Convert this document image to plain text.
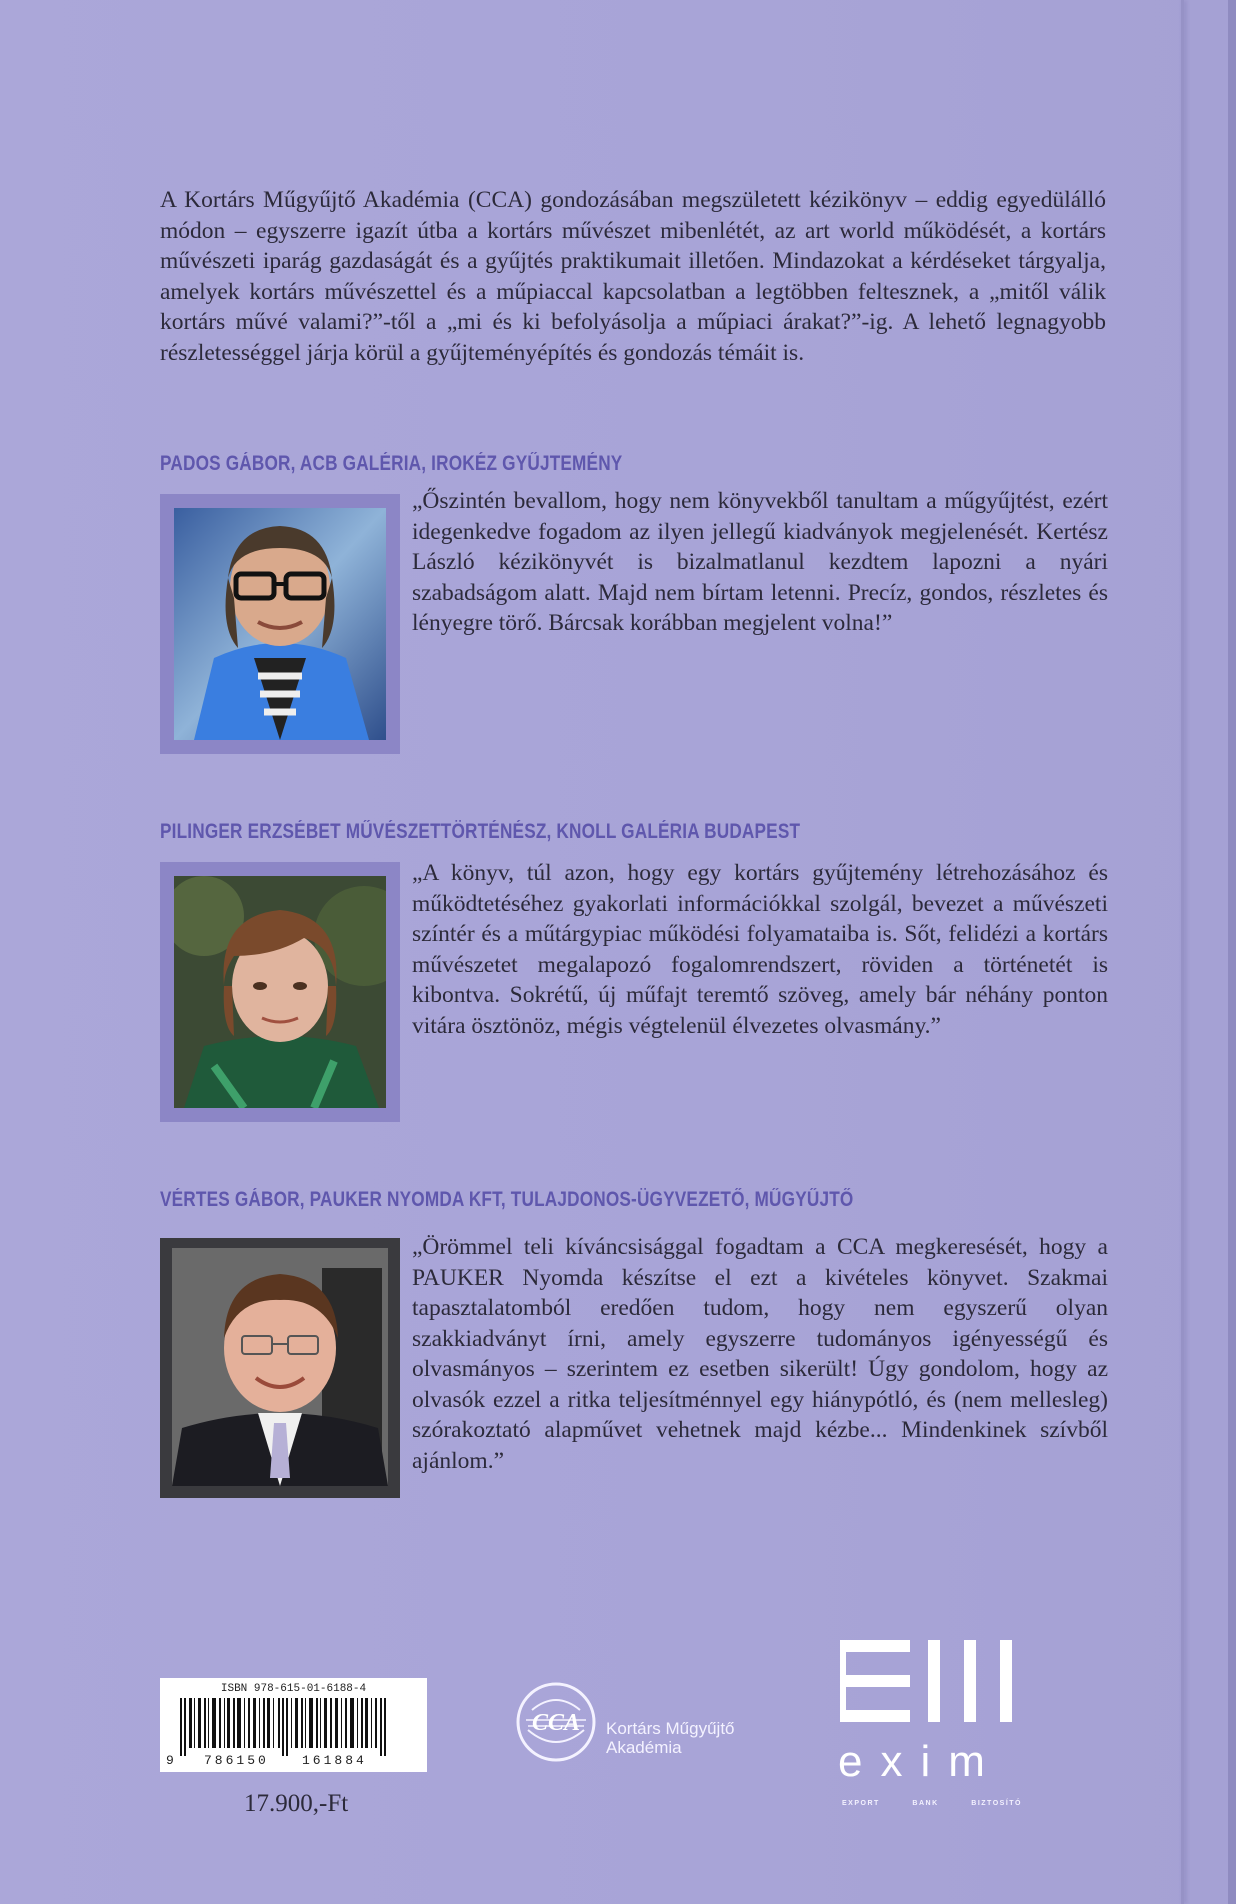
A Kortárs Műgyűjtő Akadémia (CCA) gondozásában megszületett kézikönyv – eddig egyedülálló módon – egyszerre igazít útba a kortárs művészet mibenlétét, az art world működését, a kortárs művészeti iparág gazdaságát és a gyűjtés praktikumait illetően. Mindazokat a kérdéseket tárgyalja, amelyek kortárs művészettel és a műpiaccal kapcsolatban a legtöbben feltesznek, a „mitől válik kortárs művé valami?”-től a „mi és ki befolyásolja a műpiaci árakat?”-ig. A lehető legnagyobb részletességgel járja körül a gyűjteményépítés és gondozás témáit is.

PADOS GÁBOR, ACB GALÉRIA, IROKÉZ GYŰJTEMÉNY

„Őszintén bevallom, hogy nem könyvekből tanultam a műgyűjtést, ezért idegenkedve fogadom az ilyen jellegű kiadványok megjelenését. Kertész László kézikönyvét is bizalmatlanul kezdtem lapozni a nyári szabadságom alatt. Majd nem bírtam letenni. Precíz, gondos, részletes és lényegre törő. Bárcsak korábban megjelent volna!”

PILINGER ERZSÉBET MŰVÉSZETTÖRTÉNÉSZ, KNOLL GALÉRIA BUDAPEST

„A könyv, túl azon, hogy egy kortárs gyűjtemény létrehozásához és működtetéséhez gyakorlati információkkal szolgál, bevezet a művészeti színtér és a műtárgypiac működési folyamataiba is. Sőt, felidézi a kortárs művészetet megalapozó fogalomrendszert, röviden a történetét is kibontva. Sokrétű, új műfajt teremtő szöveg, amely bár néhány ponton vitára ösztönöz, mégis végtelenül élvezetes olvasmány.”

VÉRTES GÁBOR, PAUKER NYOMDA KFT, TULAJDONOS-ÜGYVEZETŐ, MŰGYŰJTŐ

„Örömmel teli kíváncsisággal fogadtam a CCA megkeresését, hogy a PAUKER Nyomda készítse el ezt a kivételes könyvet. Szakmai tapasztalatomból eredően tudom, hogy nem egyszerű olyan szakkiadványt írni, amely egyszerre tudományos igényességű és olvasmányos – szerintem ez esetben sikerült! Úgy gondolom, hogy az olvasók ezzel a ritka teljesítménnyel egy hiánypótló, és (nem mellesleg) szórakoztató alapművet vehetnek majd kézbe... Mindenkinek szívből ajánlom.”

ISBN 978-615-01-6188-4
9 786150	161884
17.900,-Ft
CCA Kortárs Műgyűjtő
Akadémia	exim
EXPORT	BANK	BIZTOSÍTÓ
